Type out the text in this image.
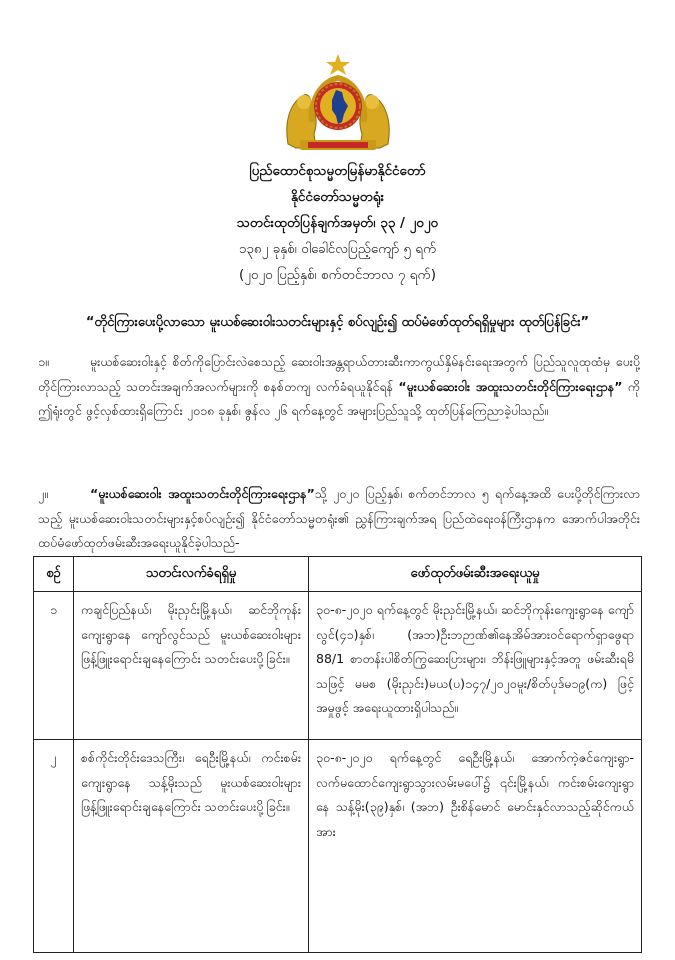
ပြည်ထောင်စုသမ္မတမြန်မာနိုင်ငံတော်
နိုင်ငံတော်သမ္မတရုံး
သတင်းထုတ်ပြန်ချက်အမှတ်၊ ၃၃ / ၂၀၂၀
၁၃၈၂ ခုနှစ်၊ ဝါခေါင်လပြည့်ကျော် ၅ ရက်
(၂၀၂၀ ပြည့်နှစ်၊ စက်တင်ဘာလ ၇ ရက်)
“တိုင်ကြားပေးပို့လာသော မူးယစ်ဆေးဝါးသတင်းများနှင့် စပ်လျဉ်း၍ ထပ်မံဖော်ထုတ်ရရှိမှုများ ထုတ်ပြန်ခြင်း”
၁။	မူးယစ်ဆေးဝါးနှင့် စိတ်ကိုပြောင်းလဲစေသည့် ဆေးဝါးအန္တရာယ်တားဆီးကာကွယ်နှိမ်နင်းရေးအတွက် ပြည်သူလူထုထံမှ ပေးပို့တိုင်ကြားလာသည့် သတင်းအချက်အလက်များကို စနစ်တကျ လက်ခံရယူနိုင်ရန် “မူးယစ်ဆေးဝါး အထူးသတင်းတိုင်ကြားရေးဌာန” ကို ဤရုံးတွင် ဖွင့်လှစ်ထားရှိကြောင်း ၂၀၁၈ ခုနှစ်၊ ဇွန်လ ၂၆ ရက်နေ့တွင် အများပြည်သူသို့ ထုတ်ပြန်ကြေညာခဲ့ပါသည်။
၂။	“မူးယစ်ဆေးဝါး အထူးသတင်းတိုင်ကြားရေးဌာန”သို့ ၂၀၂၀ ပြည့်နှစ်၊ စက်တင်ဘာလ ၅ ရက်နေ့အထိ ပေးပို့တိုင်ကြားလာသည့် မူးယစ်ဆေးဝါးသတင်းများနှင့်စပ်လျဉ်း၍ နိုင်ငံတော်သမ္မတရုံး၏ ညွှန်ကြားချက်အရ ပြည်ထဲရေးဝန်ကြီးဌာနက အောက်ပါအတိုင်း ထပ်မံဖော်ထုတ်ဖမ်းဆီးအရေးယူနိုင်ခဲ့ပါသည်-
စဉ်	သတင်းလက်ခံရရှိမှု	ဖော်ထုတ်ဖမ်းဆီးအရေးယူမှု
၁	ကချင်ပြည်နယ်၊ မိုးညှင်းမြို့နယ်၊ ဆင်ဘိုကုန်းကျေးရွာနေ ကျော်လွင်သည် မူးယစ်ဆေးဝါးများ ဖြန့်ဖြူးရောင်းချနေကြောင်း သတင်းပေးပို့ခြင်း။	၃၀-၈-၂၀၂၀ ရက်နေ့တွင် မိုးညှင်းမြို့နယ်၊ ဆင်ဘိုကုန်းကျေးရွာနေ ကျော်လွင်(၄၁)နှစ်၊ (အဘ)ဦးဘဉာဏ်၏နေအိမ်အားဝင်ရောက်ရှာဖွေရာ 88/1 စာတန်းပါစိတ်ကြွဆေးပြားများ၊ ဘိန်းဖြူများနှင့်အတူ ဖမ်းဆီးရမိသဖြင့် မမစ (မိုးညှင်း)မယ(ပ)၁၄၇/၂၀၂၀မူး/စိတ်ပုဒ်မ၁၉(က) ဖြင့် အမှုဖွင့် အရေးယူထားရှိပါသည်။
၂	စစ်ကိုင်းတိုင်းဒေသကြီး၊ ရေဦးမြို့နယ်၊ ကင်းစမ်းကျေးရွာနေ သန့်မိုးသည် မူးယစ်ဆေးဝါးများ ဖြန့်ဖြူးရောင်းချနေကြောင်း သတင်းပေးပို့ခြင်း။	၃၀-၈-၂၀၂၀ ရက်နေ့တွင် ရေဦးမြို့နယ်၊ အောက်ကဲ့ဇင်ကျေးရွာ-လက်မထောင်ကျေးရွာသွားလမ်းမပေါ်၌ ၎င်းမြို့နယ်၊ ကင်းစမ်းကျေးရွာနေ သန့်မိုး(၃၉)နှစ်၊ (အဘ) ဦးစိန်မောင် မောင်းနှင်လာသည့်ဆိုင်ကယ်အား
